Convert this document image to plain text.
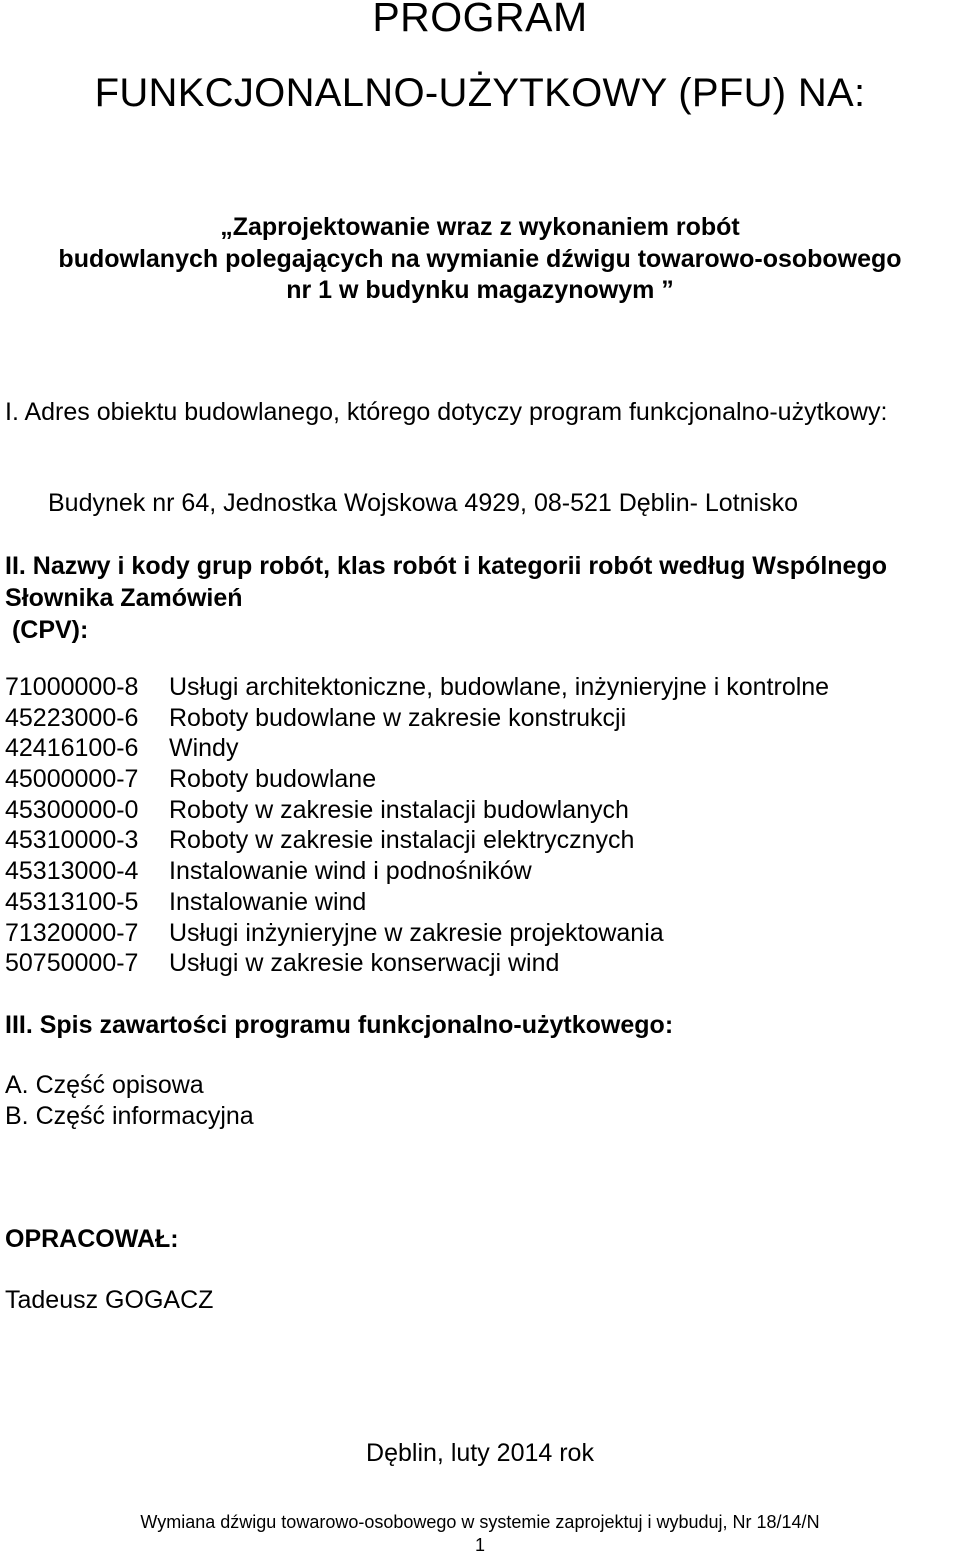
PROGRAM
FUNKCJONALNO-UŻYTKOWY (PFU) NA:
„Zaprojektowanie wraz z wykonaniem robót
budowlanych polegających na wymianie dźwigu towarowo-osobowego
nr 1 w budynku magazynowym ”
I. Adres obiektu budowlanego, którego dotyczy program funkcjonalno-użytkowy:
Budynek nr 64, Jednostka Wojskowa 4929, 08-521 Dęblin- Lotnisko
II. Nazwy i kody grup robót, klas robót i kategorii robót według Wspólnego Słownika Zamówień
(CPV):
71000000-8	Usługi architektoniczne, budowlane, inżynieryjne i kontrolne
45223000-6	Roboty budowlane w zakresie konstrukcji
42416100-6	Windy
45000000-7	Roboty budowlane
45300000-0	Roboty w zakresie instalacji budowlanych
45310000-3	Roboty w zakresie instalacji elektrycznych
45313000-4	Instalowanie wind i podnośników
45313100-5	Instalowanie wind
71320000-7	Usługi inżynieryjne w zakresie projektowania
50750000-7	Usługi w zakresie konserwacji wind
III. Spis zawartości programu funkcjonalno-użytkowego:
A. Część opisowa
B. Część informacyjna
OPRACOWAŁ:
Tadeusz GOGACZ
Dęblin, luty 2014 rok
Wymiana dźwigu towarowo-osobowego w systemie zaprojektuj i wybuduj, Nr 18/14/N
1
